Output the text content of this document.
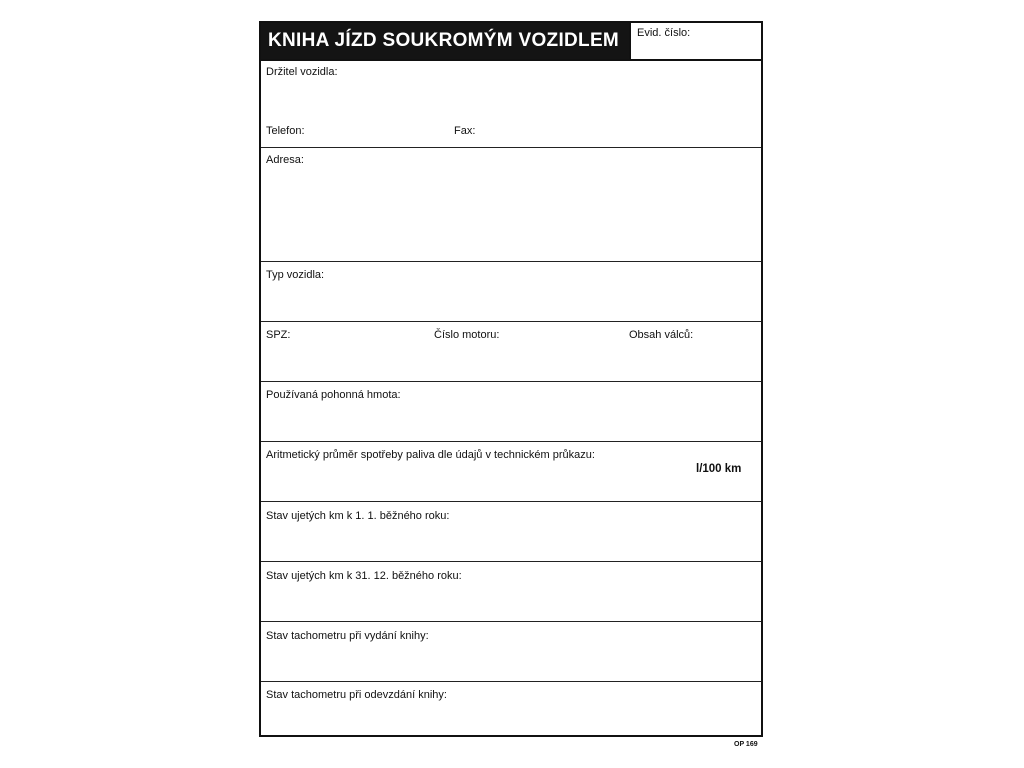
KNIHA JÍZD SOUKROMÝM VOZIDLEM	Evid. číslo:
Držitel vozidla:
Telefon:	Fax:
Adresa:
Typ vozidla:
SPZ:	Číslo motoru:	Obsah válců:
Používaná pohonná hmota:
Aritmetický průměr spotřeby paliva dle údajů v technickém průkazu:
l/100 km
Stav ujetých km k 1. 1. běžného roku:
Stav ujetých km k 31. 12. běžného roku:
Stav tachometru při vydání knihy:
Stav tachometru při odevzdání knihy:
OP 169
